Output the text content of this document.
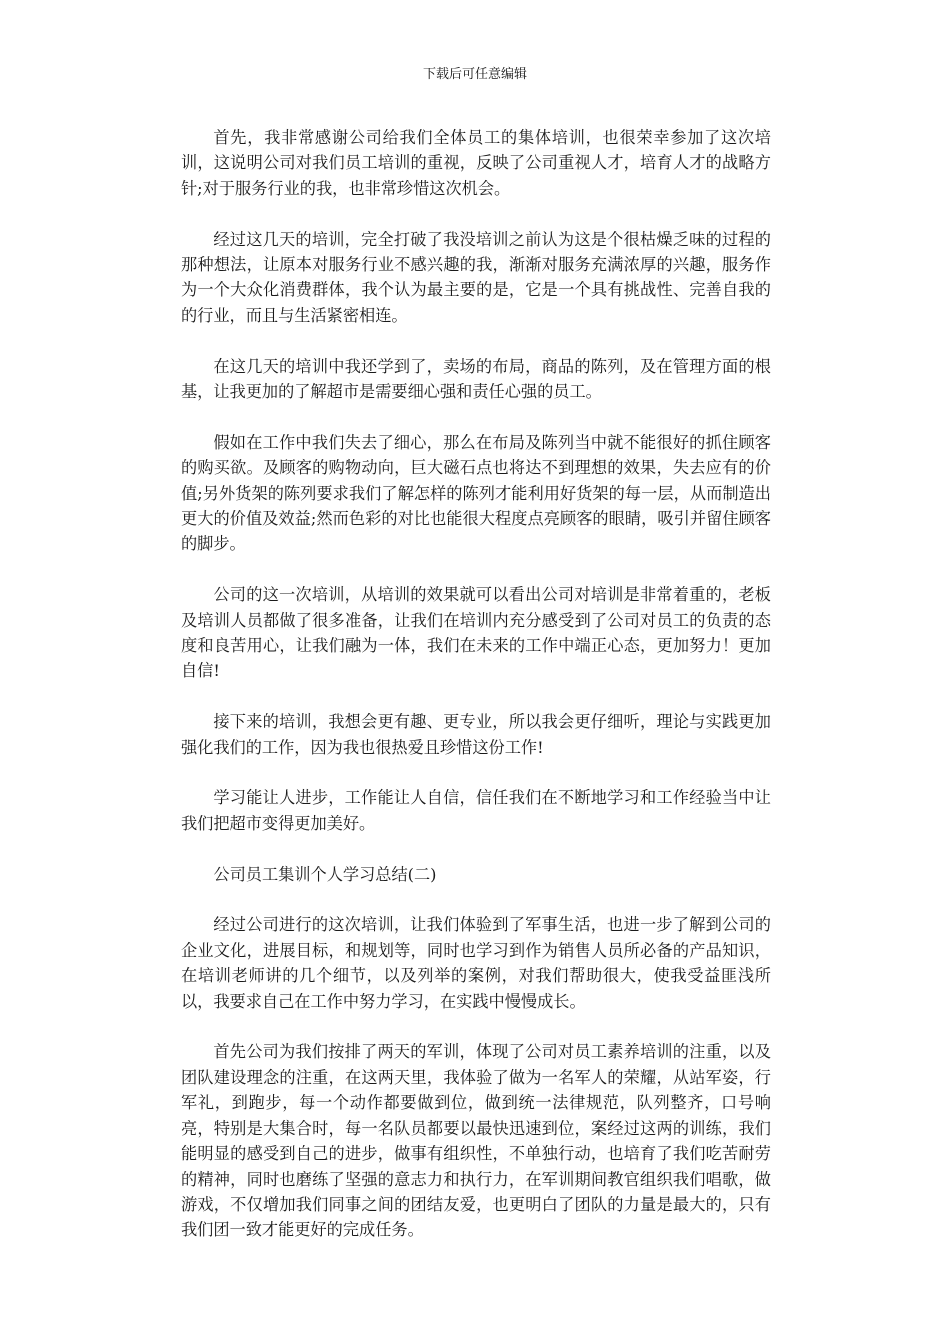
下载后可任意编辑

首先，我非常感谢公司给我们全体员工的集体培训，也很荣幸参加了这次培训，这说明公司对我们员工培训的重视，反映了公司重视人才，培育人才的战略方针;对于服务行业的我，也非常珍惜这次机会。

经过这几天的培训，完全打破了我没培训之前认为这是个很枯燥乏味的过程的那种想法，让原本对服务行业不感兴趣的我，渐渐对服务充满浓厚的兴趣，服务作为一个大众化消费群体，我个认为最主要的是，它是一个具有挑战性、完善自我的的行业，而且与生活紧密相连。

在这几天的培训中我还学到了，卖场的布局，商品的陈列，及在管理方面的根基，让我更加的了解超市是需要细心强和责任心强的员工。

假如在工作中我们失去了细心，那么在布局及陈列当中就不能很好的抓住顾客的购买欲。及顾客的购物动向，巨大磁石点也将达不到理想的效果，失去应有的价值;另外货架的陈列要求我们了解怎样的陈列才能利用好货架的每一层，从而制造出更大的价值及效益;然而色彩的对比也能很大程度点亮顾客的眼睛，吸引并留住顾客的脚步。

公司的这一次培训，从培训的效果就可以看出公司对培训是非常着重的，老板及培训人员都做了很多准备，让我们在培训内充分感受到了公司对员工的负责的态度和良苦用心，让我们融为一体，我们在未来的工作中端正心态，更加努力！更加自信!

接下来的培训，我想会更有趣、更专业，所以我会更仔细听，理论与实践更加强化我们的工作，因为我也很热爱且珍惜这份工作!

学习能让人进步，工作能让人自信，信任我们在不断地学习和工作经验当中让我们把超市变得更加美好。

公司员工集训个人学习总结(二)

经过公司进行的这次培训，让我们体验到了军事生活，也进一步了解到公司的企业文化，进展目标，和规划等，同时也学习到作为销售人员所必备的产品知识，在培训老师讲的几个细节，以及列举的案例，对我们帮助很大，使我受益匪浅所以，我要求自己在工作中努力学习，在实践中慢慢成长。

首先公司为我们按排了两天的军训，体现了公司对员工素养培训的注重，以及团队建设理念的注重，在这两天里，我体验了做为一名军人的荣耀，从站军姿，行军礼，到跑步，每一个动作都要做到位，做到统一法律规范，队列整齐，口号响亮，特别是大集合时，每一名队员都要以最快迅速到位，案经过这两的训练，我们能明显的感受到自己的进步，做事有组织性，不单独行动，也培育了我们吃苦耐劳的精神，同时也磨练了坚强的意志力和执行力，在军训期间教官组织我们唱歌，做游戏，不仅增加我们同事之间的团结友爱，也更明白了团队的力量是最大的，只有我们团一致才能更好的完成任务。
